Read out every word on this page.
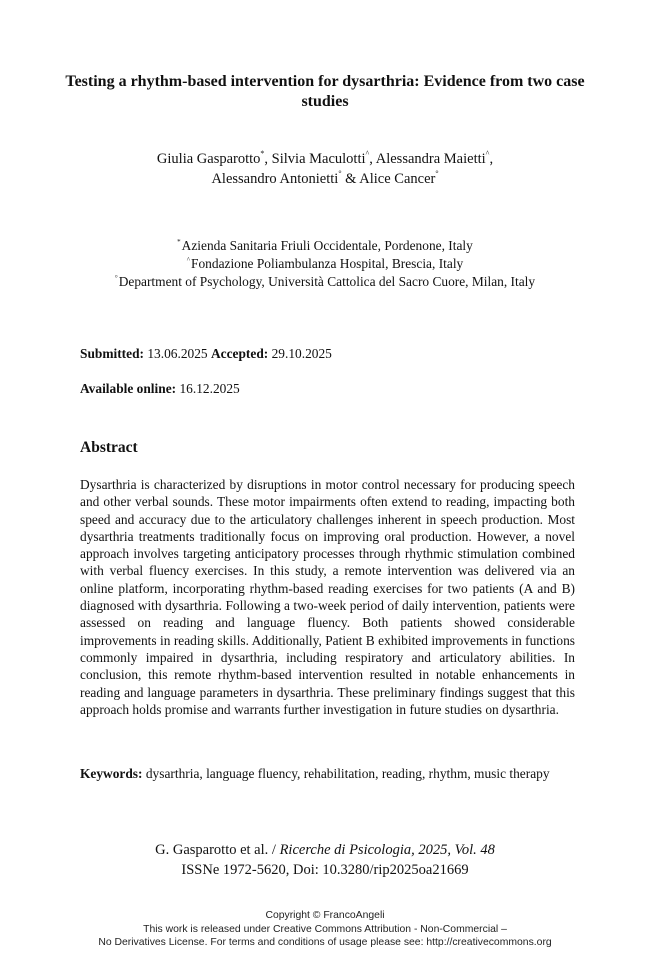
Testing a rhythm-based intervention for dysarthria: Evidence from two case studies
Giulia Gasparotto*, Silvia Maculotti^, Alessandra Maietti^,
Alessandro Antonietti° & Alice Cancer°
*Azienda Sanitaria Friuli Occidentale, Pordenone, Italy
^Fondazione Poliambulanza Hospital, Brescia, Italy
°Department of Psychology, Università Cattolica del Sacro Cuore, Milan, Italy
Submitted: 13.06.2025 Accepted: 29.10.2025
Available online: 16.12.2025
Abstract
Dysarthria is characterized by disruptions in motor control necessary for producing speech and other verbal sounds. These motor impairments often extend to reading, impacting both speed and accuracy due to the articulatory challenges inherent in speech production. Most dysarthria treatments traditionally focus on improving oral production. However, a novel approach involves targeting anticipatory processes through rhythmic stimulation combined with verbal fluency exercises. In this study, a remote intervention was delivered via an online platform, incorporating rhythm-based reading exercises for two patients (A and B) diagnosed with dysarthria. Following a two-week period of daily intervention, patients were assessed on reading and language fluency. Both patients showed considerable improvements in reading skills. Additionally, Patient B exhibited improvements in functions commonly impaired in dysarthria, including respiratory and articulatory abilities. In conclusion, this remote rhythm-based intervention resulted in notable enhancements in reading and language parameters in dysarthria. These preliminary findings suggest that this approach holds promise and warrants further investigation in future studies on dysarthria.
Keywords: dysarthria, language fluency, rehabilitation, reading, rhythm, music therapy
G. Gasparotto et al. / Ricerche di Psicologia, 2025, Vol. 48
ISSNe 1972-5620, Doi: 10.3280/rip2025oa21669
Copyright © FrancoAngeli
This work is released under Creative Commons Attribution - Non-Commercial –
No Derivatives License. For terms and conditions of usage please see: http://creativecommons.org
